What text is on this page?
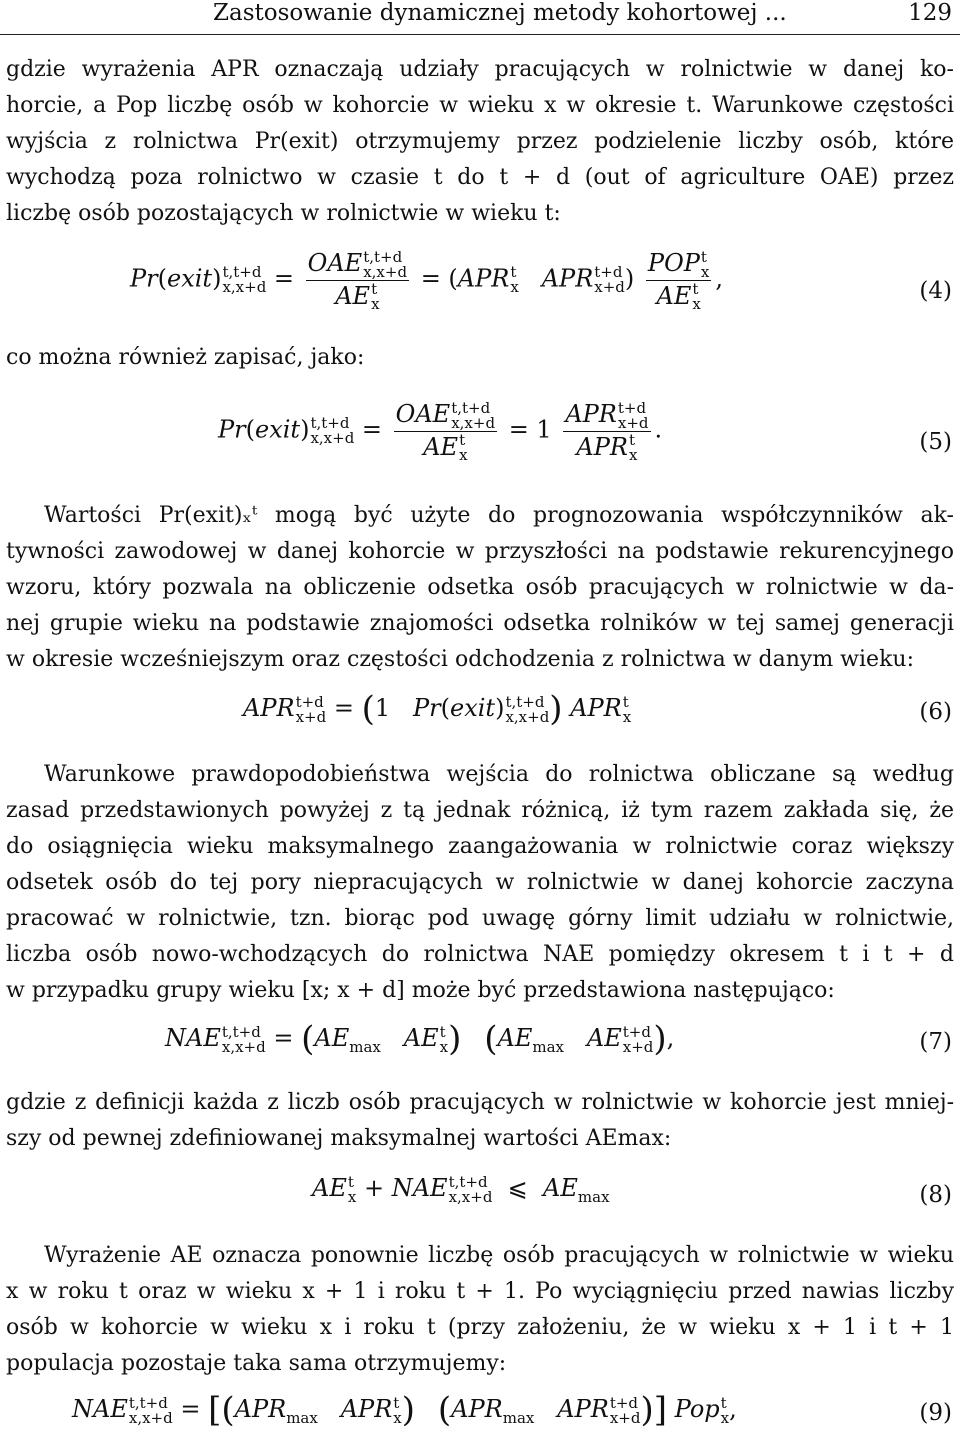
Zastosowanie dynamicznej metody kohortowej ...	129
gdzie wyrażenia APR oznaczają udziały pracujących w rolnictwie w danej ko-
horcie, a Pop liczbę osób w kohorcie w wieku x w okresie t. Warunkowe częstości
wyjścia z rolnictwa Pr(exit) otrzymujemy przez podzielenie liczby osób, które
wychodzą poza rolnictwo w czasie t do t + d (out of agriculture OAE) przez
liczbę osób pozostających w rolnictwie w wieku t:
Pr(exit) t,t+d
x,x+d = OAE t,t+d
x,x+d
AE t
x = (APR t
x APR t+d
x+d ) POP t
x
AE t
x ,	(4)
co można również zapisać, jako:
Pr(exit) t,t+d
x,x+d = OAE t,t+d
x,x+d
AE t
x = 1 APR t+d
x+d
APR t
x .	(5)
Wartości Pr(exit)ₓᵗ mogą być użyte do prognozowania współczynników ak-
tywności zawodowej w danej kohorcie w przyszłości na podstawie rekurencyjnego
wzoru, który pozwala na obliczenie odsetka osób pracujących w rolnictwie w da-
nej grupie wieku na podstawie znajomości odsetka rolników w tej samej generacji
w okresie wcześniejszym oraz częstości odchodzenia z rolnictwa w danym wieku:
APR t+d
x+d = (1   Pr(exit) t,t+d
x,x+d ) APR t
x	(6)
Warunkowe prawdopodobieństwa wejścia do rolnictwa obliczane są według
zasad przedstawionych powyżej z tą jednak różnicą, iż tym razem zakłada się, że
do osiągnięcia wieku maksymalnego zaangażowania w rolnictwie coraz większy
odsetek osób do tej pory niepracujących w rolnictwie w danej kohorcie zaczyna
pracować w rolnictwie, tzn. biorąc pod uwagę górny limit udziału w rolnictwie,
liczba osób nowo-wchodzących do rolnictwa NAE pomiędzy okresem t i t + d
w przypadku grupy wieku [x; x + d] może być przedstawiona następująco:
NAE t,t+d
$x,x+d = (AE_{max}$ AE t
x ) ($AE_{max}$ AE t+d
x+d ),	(7)
gdzie z definicji każda z liczb osób pracujących w rolnictwie w kohorcie jest mniej-
szy od pewnej zdefiniowanej maksymalnej wartości AEmax:
AE t
x + NAE t,t+d
x,x+d ⩽  $AE_{max}$	(8)
Wyrażenie AE oznacza ponownie liczbę osób pracujących w rolnictwie w wieku
x w roku t oraz w wieku x + 1 i roku t + 1. Po wyciągnięciu przed nawias liczby
osób w kohorcie w wieku x i roku t (przy założeniu, że w wieku x + 1 i t + 1
populacja pozostaje taka sama otrzymujemy:
NAE t,t+d
$x,x+d = [(APR_{max}$ APR t
x ) ($APR_{max}$ APR t+d
x+d )] Pop t
x ,	(9)
